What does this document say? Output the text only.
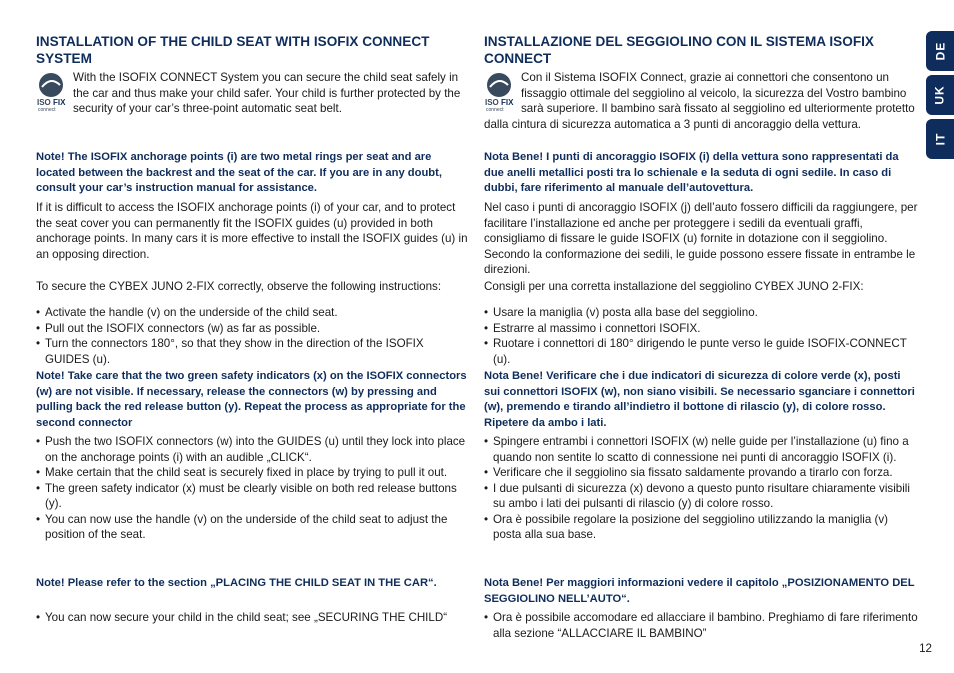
INSTALLATION OF THE CHILD SEAT WITH ISOFIX CONNECT SYSTEM
ISO FIX
connect
With the ISOFIX CONNECT System you can secure the child seat safely in the car and thus make your child safer. Your child is further protected by the security of your car’s three-point automatic seat belt.

Note! The ISOFIX anchorage points (i) are two metal rings per seat and are located between the backrest and the seat of the car. If you are in any doubt, consult your car’s instruction manual for assistance.

If it is difficult to access the ISOFIX anchorage points (i) of your car, and to protect the seat cover you can permanently fit the ISOFIX guides (u) provided in both anchorage points. In many cars it is more effective to install the ISOFIX guides (u) in an opposing direction.

To secure the CYBEX JUNO 2-FIX correctly, observe the following instructions:

• Activate the handle (v) on the underside of the child seat.
• Pull out the ISOFIX connectors (w) as far as possible.
• Turn the connectors 180°, so that they show in the direction of the ISOFIX GUIDES (u).

Note! Take care that the two green safety indicators (x) on the ISOFIX connectors (w) are not visible. If necessary, release the connectors (w) by pressing and pulling back the red release button (y). Repeat the process as appropriate for the second connector

• Push the two ISOFIX connectors (w) into the GUIDES (u) until they lock into place on the anchorage points (i) with an audible „CLICK“.
• Make certain that the child seat is securely fixed in place by trying to pull it out.
• The green safety indicator (x) must be clearly visible on both red release buttons (y).
• You can now use the handle (v) on the underside of the child seat to adjust the position of the seat.

Note! Please refer to the section „PLACING THE CHILD SEAT IN THE CAR“.

• You can now secure your child in the child seat; see „SECURING THE CHILD“
INSTALLAZIONE DEL SEGGIOLINO CON IL SISTEMA ISOFIX CONNECT
ISO FIX
connect
Con il Sistema ISOFIX Connect, grazie ai connettori che consentono un fissaggio ottimale del seggiolino al veicolo, la sicurezza del Vostro bambino sarà superiore. Il bambino sarà fissato al seggiolino ed ulteriormente protetto dalla cintura di sicurezza automatica a 3 punti di ancoraggio della vettura.

Nota Bene! I punti di ancoraggio ISOFIX (i) della vettura sono rappresentati da due anelli metallici posti tra lo schienale e la seduta di ogni sedile. In caso di dubbi, fare riferimento al manuale dell’autovettura.

Nel caso i punti di ancoraggio ISOFIX (j) dell’auto fossero difficili da raggiungere, per facilitare l’installazione ed anche per proteggere i sedili da eventuali graffi, consigliamo di fissare le guide ISOFIX (u) fornite in dotazione con il seggiolino. Secondo la conformazione dei sedili, le guide possono essere fissate in entrambe le direzioni.

Consigli per una corretta installazione del seggiolino CYBEX JUNO 2-FIX:

• Usare la maniglia (v) posta alla base del seggiolino.
• Estrarre al massimo i connettori ISOFIX.
• Ruotare i connettori di 180° dirigendo le punte verso le guide ISOFIX-CONNECT (u).

Nota Bene! Verificare che i due indicatori di sicurezza di colore verde (x), posti sui connettori ISOFIX (w), non siano visibili. Se necessario sganciare i connettori (w), premendo e tirando all’indietro il bottone di rilascio (y), di colore rosso. Ripetere da ambo i lati.

• Spingere entrambi i connettori ISOFIX (w) nelle guide per l’installazione (u) fino a quando non sentite lo scatto di connessione nei punti di ancoraggio ISOFIX (i).
• Verificare che il seggiolino sia fissato saldamente provando a tirarlo con forza.
• I due pulsanti di sicurezza (x) devono a questo punto risultare chiaramente visibili su ambo i lati dei pulsanti di rilascio (y) di colore rosso.
• Ora è possibile regolare la posizione del seggiolino utilizzando la maniglia (v) posta alla sua base.

Nota Bene! Per maggiori informazioni vedere il capitolo „POSIZIONAMENTO DEL SEGGIOLINO NELL’AUTO“.

• Ora è possibile accomodare ed allacciare il bambino. Preghiamo di fare riferimento alla sezione “ALLACCIARE IL BAMBINO”
DE
UK
IT
12
